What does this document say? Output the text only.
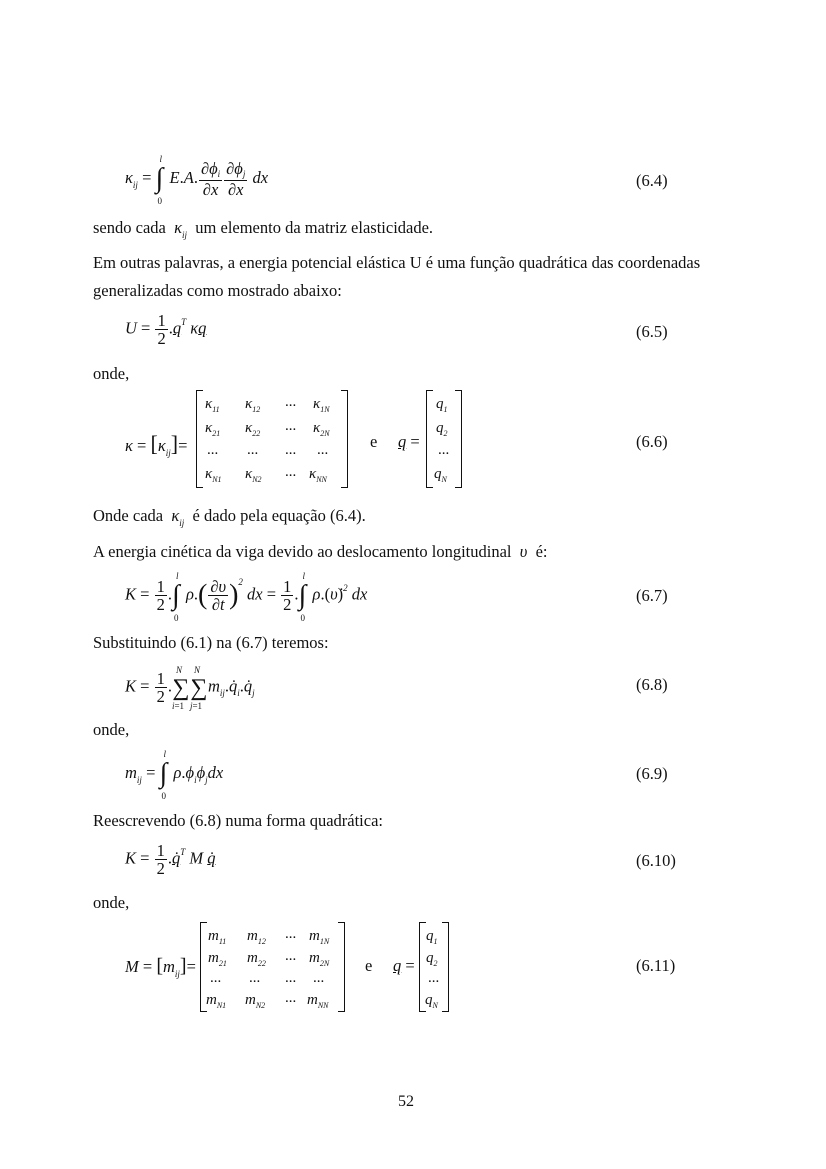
$\kappa_{ij}$ = ∫
l
0
E.A. $\frac{\partial\phi i}{\partial x} \frac{\partial\phi j}{\partial x}$ dx	(6.4)
sendo cada $\kappa_{ij}$ um elemento da matriz elasticidade.
Em outras palavras, a energia potencial elástica U é uma função quadrática das coordenadas
generalizadas como mostrado abaixo:
$U = \frac{1}{2} .q^T$ κq	(6.5)
onde,
$\kappa = [\kappa_{ij}]=$
$\kappa_{11}$ $\kappa_{12}$ ... $\kappa_{1N}$
$\kappa_{21}$ $\kappa_{22}$ ... $\kappa_{2N}$
... ... ... ...
$\kappa_{N1}$ $\kappa_{N2}$ ... $\kappa_{NN}$
e q =
$q_1$
$q_2$
...
$q_N$
(6.6)
Onde cada $\kappa_{ij}$ é dado pela equação (6.4).
A energia cinética da viga devido ao deslocamento longitudinal υ é:
$K = \frac{1}{2}$ .∫
l
0
$\rho.( \frac{\partial\upsilon}{\partial t} )^2$ dx = $\frac{1}{2}$ .∫
l
0
ρ.(υ̇)$^2$ dx	(6.7)
Substituindo (6.1) na (6.7) teremos:
$K = \frac{1}{2}$ .∑
N
i=1
∑
N
j=1
$m_{ij}.q̇_i.q̇_j$	(6.8)
onde,
$m_{ij}$ = ∫
l
0
$\rho.\phi_i\phi_jdx$	(6.9)
Reescrevendo (6.8) numa forma quadrática:
$K = \frac{1}{2}$ .q̇$^T$ M q̇	(6.10)
onde,
$M = [m_{ij}]=$
$m_{11}$ $m_{12}$ ... $m_{1N}$
$m_{21}$ $m_{22}$ ... $m_{2N}$
... ... ... ...
$m_{N1}$ $m_{N2}$ ... $m_{NN}$
e q =
$q_1$
$q_2$
...
$q_N$
(6.11)
52
